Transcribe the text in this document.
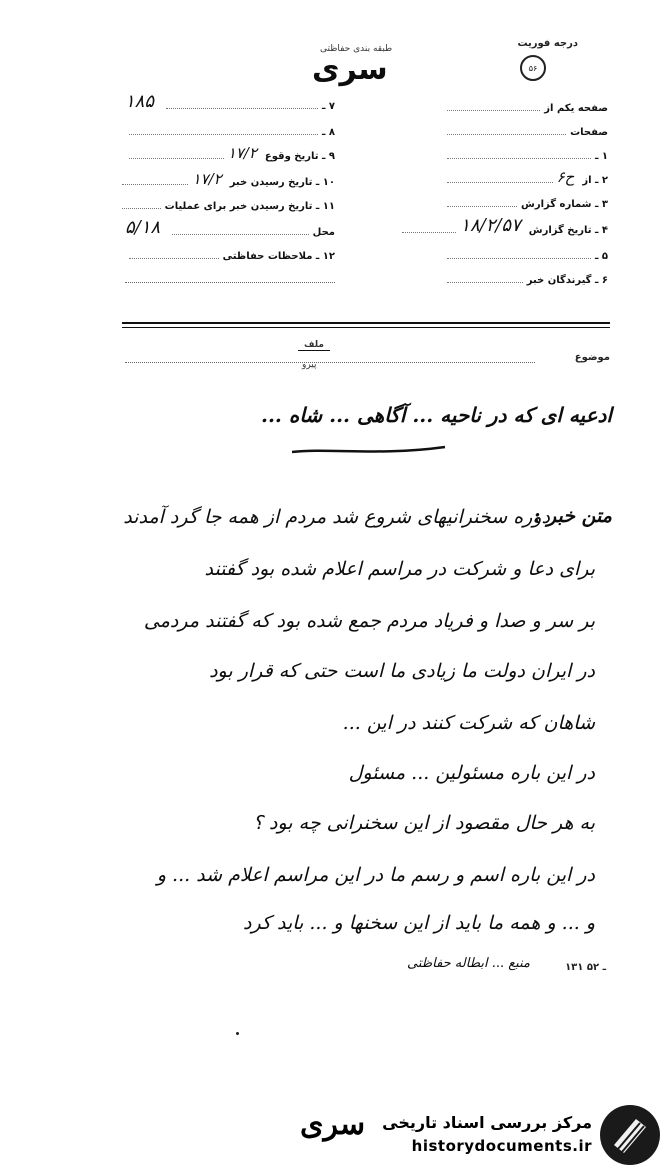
درجه فوریت
۵۶
طبقه بندی حفاظتی
سری
صفحه یکم از
صفحات
۱ ـ
۲ ـ از
ح۶
۳ ـ شماره گزارش
۴ ـ تاریخ گزارش
۱۸/۲/۵۷
۵ ـ
۶ ـ گیرندگان خبر
۷ ـ
۱۸۵
۸ ـ
۹ ـ تاریخ وقوع
۱۷/۲
۱۰ ـ تاریخ رسیدن خبر
۱۷/۲
۱۱ ـ تاریخ رسیدن خبر برای عملیات
محل
۵/۱۸
۱۲ ـ ملاحظات حفاظتی
ملف
پیرو
موضوع
ادعیه ای که در ناحیه ... آگاهی ... شاه ...
متن خبر :
دوره سخنرانیهای شروع شد مردم از همه جا گرد آمدند
برای دعا و شرکت در مراسم اعلام شده بود گفتند
بر سر و صدا و فریاد مردم جمع شده بود که گفتند مردمی
در ایران دولت ما زیادی ما است حتی که قرار بود
شاهان که شرکت کنند در این ...
در این باره مسئولین ... مسئول
به هر حال مقصود از این سخنرانی چه بود ؟
در این باره اسم و رسم ما در این مراسم اعلام شد ... و
و ... و همه ما باید از این سخنها و ... باید کرد
منبع ... ابطاله حفاظتی	۱۳۱ ـ ۵۲
سری مرکز بررسی اسناد تاریخی
historydocuments.ir
